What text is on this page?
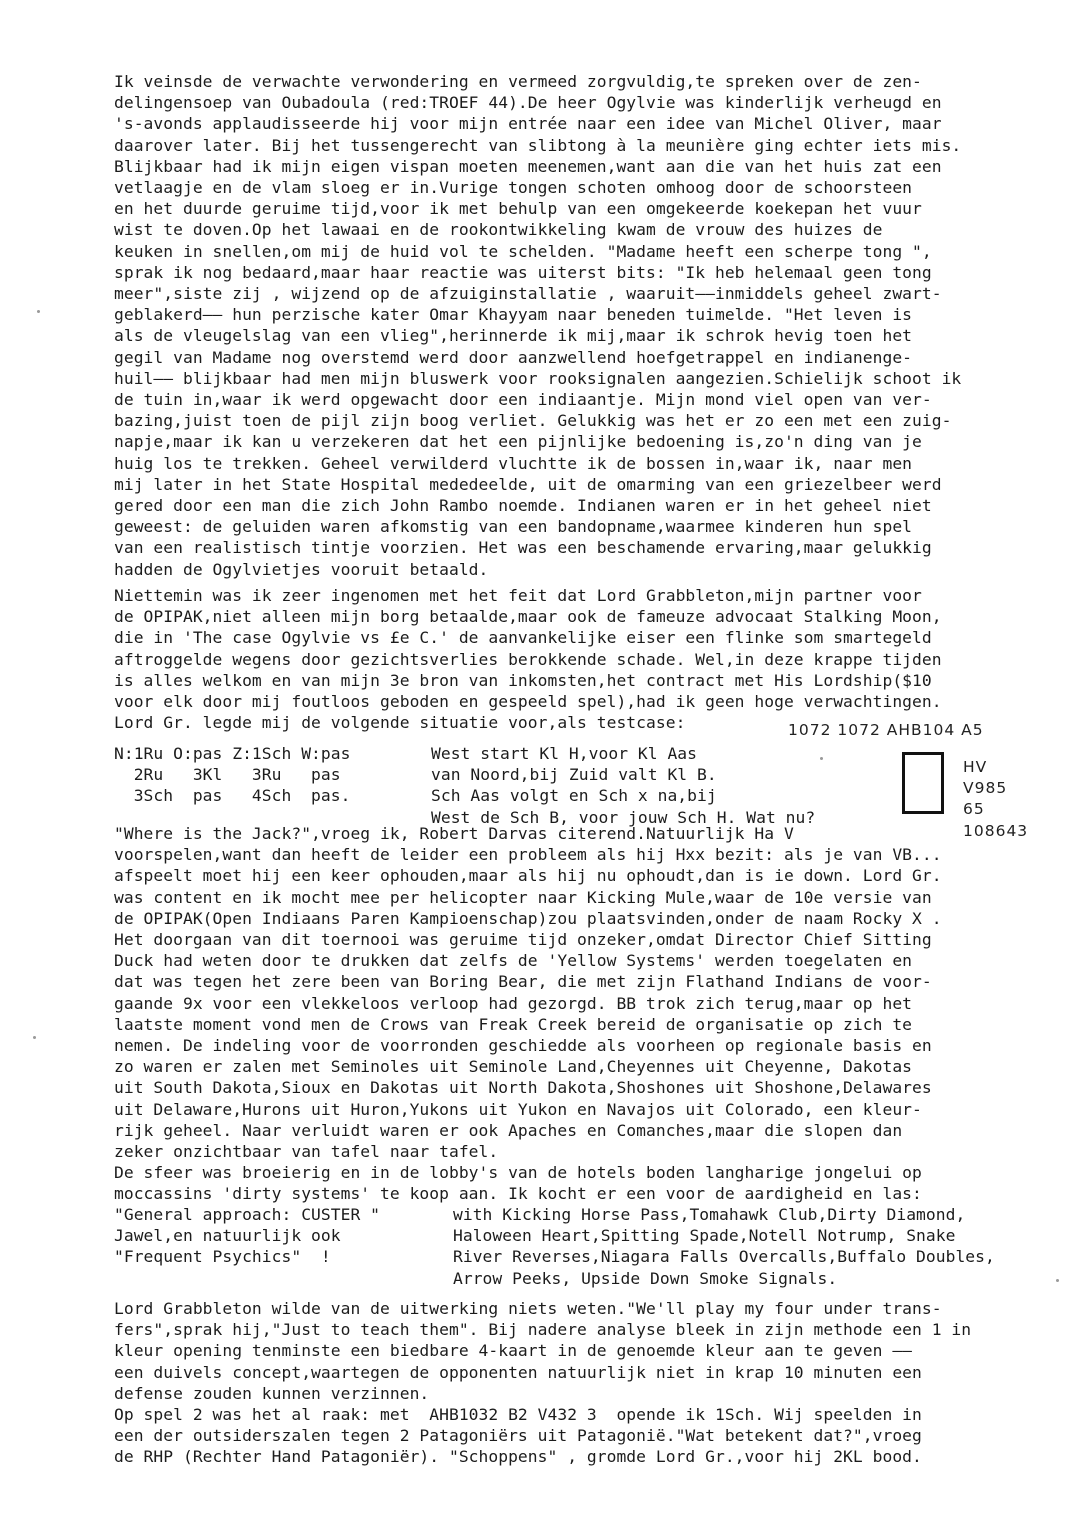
Ik veinsde de verwachte verwondering en vermeed zorgvuldig,te spreken over de zen-
delingensoep van Oubadoula (red:TROEF 44).De heer Ogylvie was kinderlijk verheugd en
's-avonds applaudisseerde hij voor mijn entrée naar een idee van Michel Oliver, maar
daarover later. Bij het tussengerecht van slibtong à la meunière ging echter iets mis.
Blijkbaar had ik mijn eigen vispan moeten meenemen,want aan die van het huis zat een
vetlaagje en de vlam sloeg er in.Vurige tongen schoten omhoog door de schoorsteen
en het duurde geruime tijd,voor ik met behulp van een omgekeerde koekepan het vuur
wist te doven.Op het lawaai en de rookontwikkeling kwam de vrouw des huizes de
keuken in snellen,om mij de huid vol te schelden. "Madame heeft een scherpe tong ",
sprak ik nog bedaard,maar haar reactie was uiterst bits: "Ik heb helemaal geen tong
meer",siste zij , wijzend op de afzuiginstallatie , waaruit——inmiddels geheel zwart-
geblakerd—— hun perzische kater Omar Khayyam naar beneden tuimelde. "Het leven is
als de vleugelslag van een vlieg",herinnerde ik mij,maar ik schrok hevig toen het
gegil van Madame nog overstemd werd door aanzwellend hoefgetrappel en indianenge-
huil—— blijkbaar had men mijn bluswerk voor rooksignalen aangezien.Schielijk schoot ik
de tuin in,waar ik werd opgewacht door een indiaantje. Mijn mond viel open van ver-
bazing,juist toen de pijl zijn boog verliet. Gelukkig was het er zo een met een zuig-
napje,maar ik kan u verzekeren dat het een pijnlijke bedoening is,zo'n ding van je
huig los te trekken. Geheel verwilderd vluchtte ik de bossen in,waar ik, naar men
mij later in het State Hospital mededeelde, uit de omarming van een griezelbeer werd
gered door een man die zich John Rambo noemde. Indianen waren er in het geheel niet
geweest: de geluiden waren afkomstig van een bandopname,waarmee kinderen hun spel
van een realistisch tintje voorzien. Het was een beschamende ervaring,maar gelukkig
hadden de Ogylvietjes vooruit betaald.
Niettemin was ik zeer ingenomen met het feit dat Lord Grabbleton,mijn partner voor
de OPIPAK,niet alleen mijn borg betaalde,maar ook de fameuze advocaat Stalking Moon,
die in 'The case Ogylvie vs £e C.' de aanvankelijke eiser een flinke som smartegeld
aftroggelde wegens door gezichtsverlies berokkende schade. Wel,in deze krappe tijden
is alles welkom en van mijn 3e bron van inkomsten,het contract met His Lordship($10
voor elk door mij foutloos geboden en gespeeld spel),had ik geen hoge verwachtingen.
Lord Gr. legde mij de volgende situatie voor,als testcase:	1072 1072 AHB104 A5
N:1Ru O:pas Z:1Sch W:pas
2Ru   3Kl   3Ru   pas
3Sch  pas   4Sch  pas.
West start Kl H,voor Kl Aas
van Noord,bij Zuid valt Kl B.
Sch Aas volgt en Sch x na,bij
West de Sch B, voor jouw Sch H. Wat nu?
HV
V985
65
108643
"Where is the Jack?",vroeg ik, Robert Darvas citerend.Natuurlijk Ha V
voorspelen,want dan heeft de leider een probleem als hij Hxx bezit: als je van VB...
afspeelt moet hij een keer ophouden,maar als hij nu ophoudt,dan is ie down. Lord Gr.
was content en ik mocht mee per helicopter naar Kicking Mule,waar de 10e versie van
de OPIPAK(Open Indiaans Paren Kampioenschap)zou plaatsvinden,onder de naam Rocky X .
Het doorgaan van dit toernooi was geruime tijd onzeker,omdat Director Chief Sitting
Duck had weten door te drukken dat zelfs de 'Yellow Systems' werden toegelaten en
dat was tegen het zere been van Boring Bear, die met zijn Flathand Indians de voor-
gaande 9x voor een vlekkeloos verloop had gezorgd. BB trok zich terug,maar op het
laatste moment vond men de Crows van Freak Creek bereid de organisatie op zich te
nemen. De indeling voor de voorronden geschiedde als voorheen op regionale basis en
zo waren er zalen met Seminoles uit Seminole Land,Cheyennes uit Cheyenne, Dakotas
uit South Dakota,Sioux en Dakotas uit North Dakota,Shoshones uit Shoshone,Delawares
uit Delaware,Hurons uit Huron,Yukons uit Yukon en Navajos uit Colorado, een kleur-
rijk geheel. Naar verluidt waren er ook Apaches en Comanches,maar die slopen dan
zeker onzichtbaar van tafel naar tafel.
De sfeer was broeierig en in de lobby's van de hotels boden langharige jongelui op
moccassins 'dirty systems' te koop aan. Ik kocht er een voor de aardigheid en las:
"General approach: CUSTER "
Jawel,en natuurlijk ook
"Frequent Psychics"  !
with Kicking Horse Pass,Tomahawk Club,Dirty Diamond,
Haloween Heart,Spitting Spade,Notell Notrump, Snake
River Reverses,Niagara Falls Overcalls,Buffalo Doubles,
Arrow Peeks, Upside Down Smoke Signals.
Lord Grabbleton wilde van de uitwerking niets weten."We'll play my four under trans-
fers",sprak hij,"Just to teach them". Bij nadere analyse bleek in zijn methode een 1 in
kleur opening tenminste een biedbare 4-kaart in de genoemde kleur aan te geven ——
een duivels concept,waartegen de opponenten natuurlijk niet in krap 10 minuten een
defense zouden kunnen verzinnen.
Op spel 2 was het al raak: met  AHB1032 B2 V432 3  opende ik 1Sch. Wij speelden in
een der outsiderszalen tegen 2 Patagoniërs uit Patagonië."Wat betekent dat?",vroeg
de RHP (Rechter Hand Patagoniër). "Schoppens" , gromde Lord Gr.,voor hij 2KL bood.
